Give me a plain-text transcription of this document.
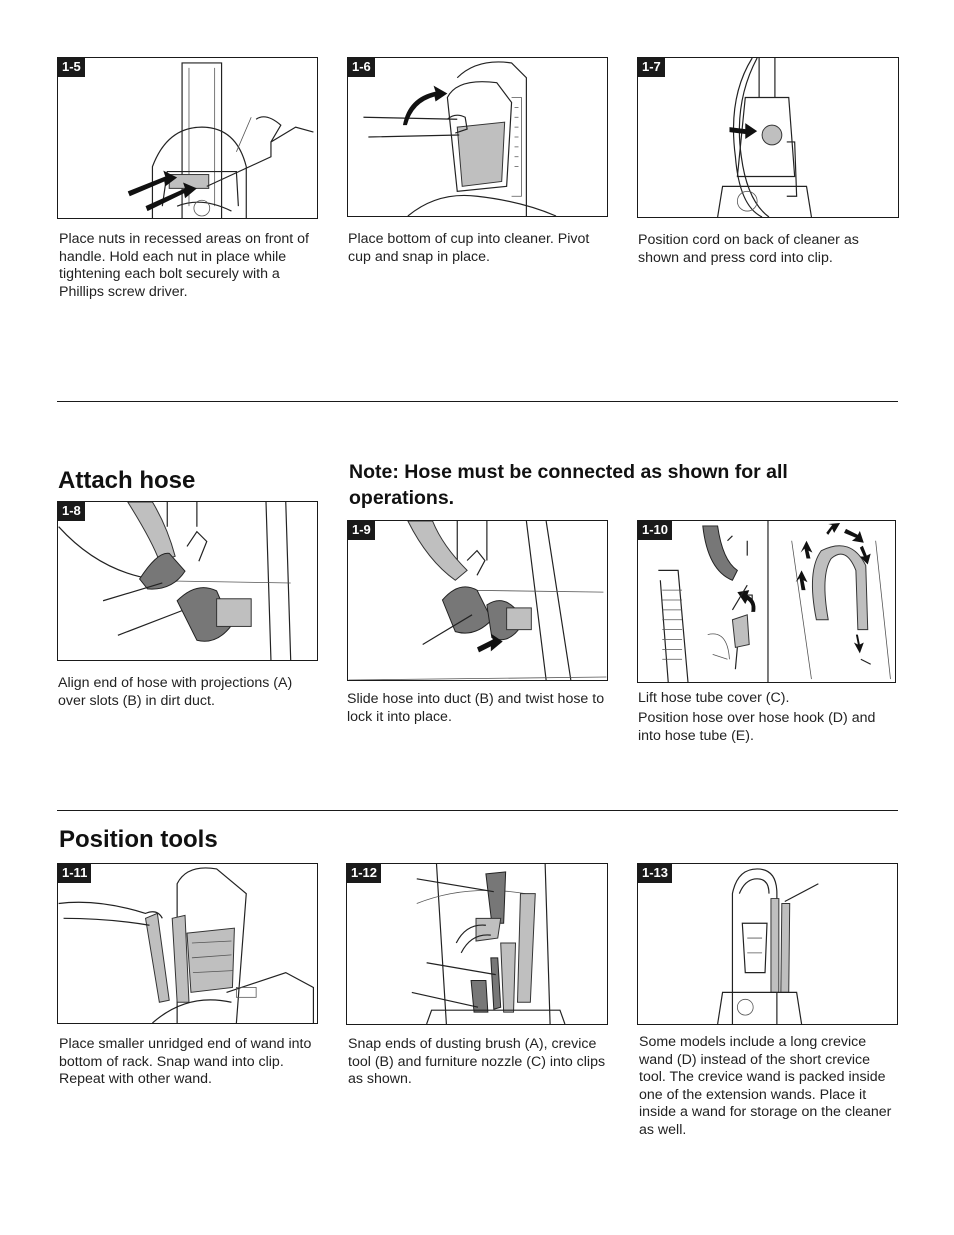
1-5
Place nuts in recessed areas on front of handle. Hold each nut in place while tightening each bolt securely with a Phillips screw driver.
1-6
Place bottom of cup into cleaner. Pivot cup and snap in place.
1-7
Position cord on back of cleaner as shown and press cord into clip.
Attach hose	Note: Hose must be connected as shown for all operations.
1-8
Align end of hose with projections (A) over slots (B) in dirt duct.
1-9
Slide hose into duct (B) and twist hose to lock it into place.
1-10
Lift hose tube cover (C).
Position hose over hose hook (D) and into hose tube (E).
Position tools
1-11
Place smaller unridged end of wand into bottom of rack. Snap wand into clip. Repeat with other wand.
1-12
Snap ends of dusting brush (A), crevice tool (B) and furniture nozzle (C) into clips as shown.
1-13
Some models include a long crevice wand (D) instead of the short crevice tool. The crevice wand is packed inside one of the extension wands. Place it inside a wand for storage on the cleaner as well.
